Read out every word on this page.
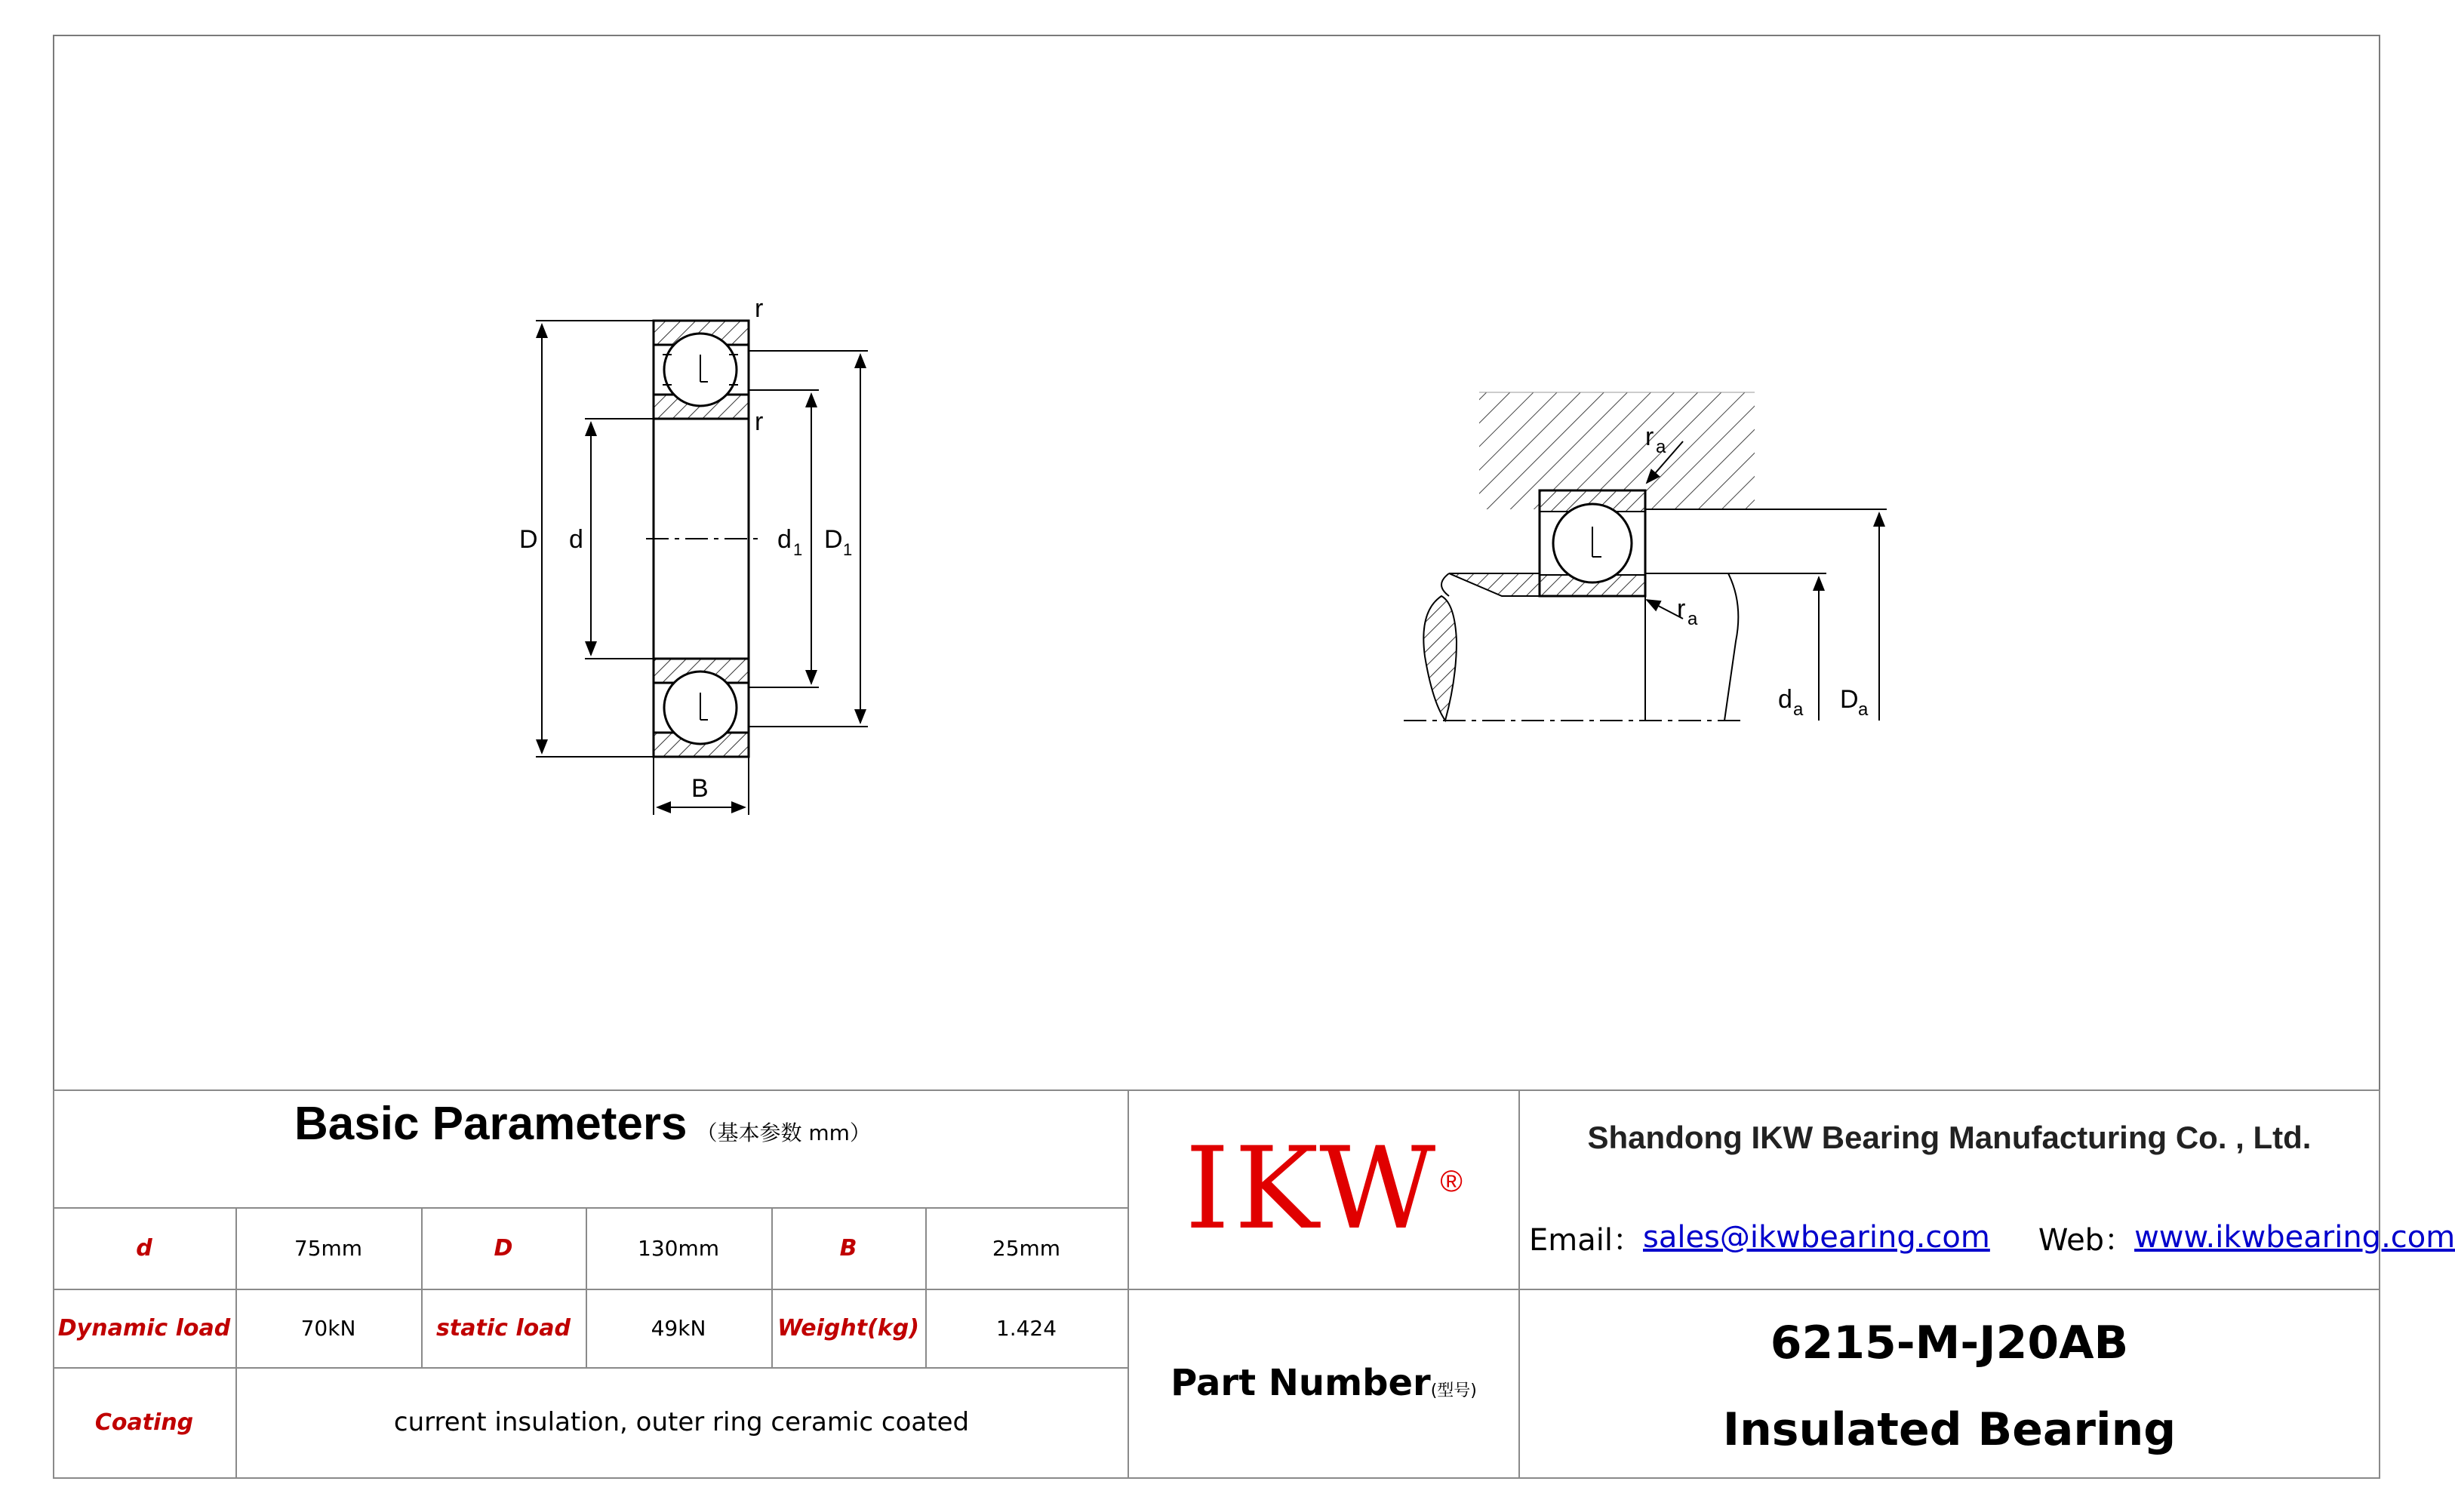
r
r
D d	d 1 D 1
B
r a
r a
d a D a
Basic Parameters （基本参数 mm）
d	75mm	D	130mm	B	25mm
Dynamic load	70kN	static load	49kN	Weight(kg)	1.424
Coating	current insulation, outer ring ceramic coated
IKW ®
Part Number (型号)
Shandong IKW Bearing Manufacturing Co. , Ltd.
Email： sales@ikwbearing.com Web： www.ikwbearing.com
6215-M-J20AB
Insulated Bearing
